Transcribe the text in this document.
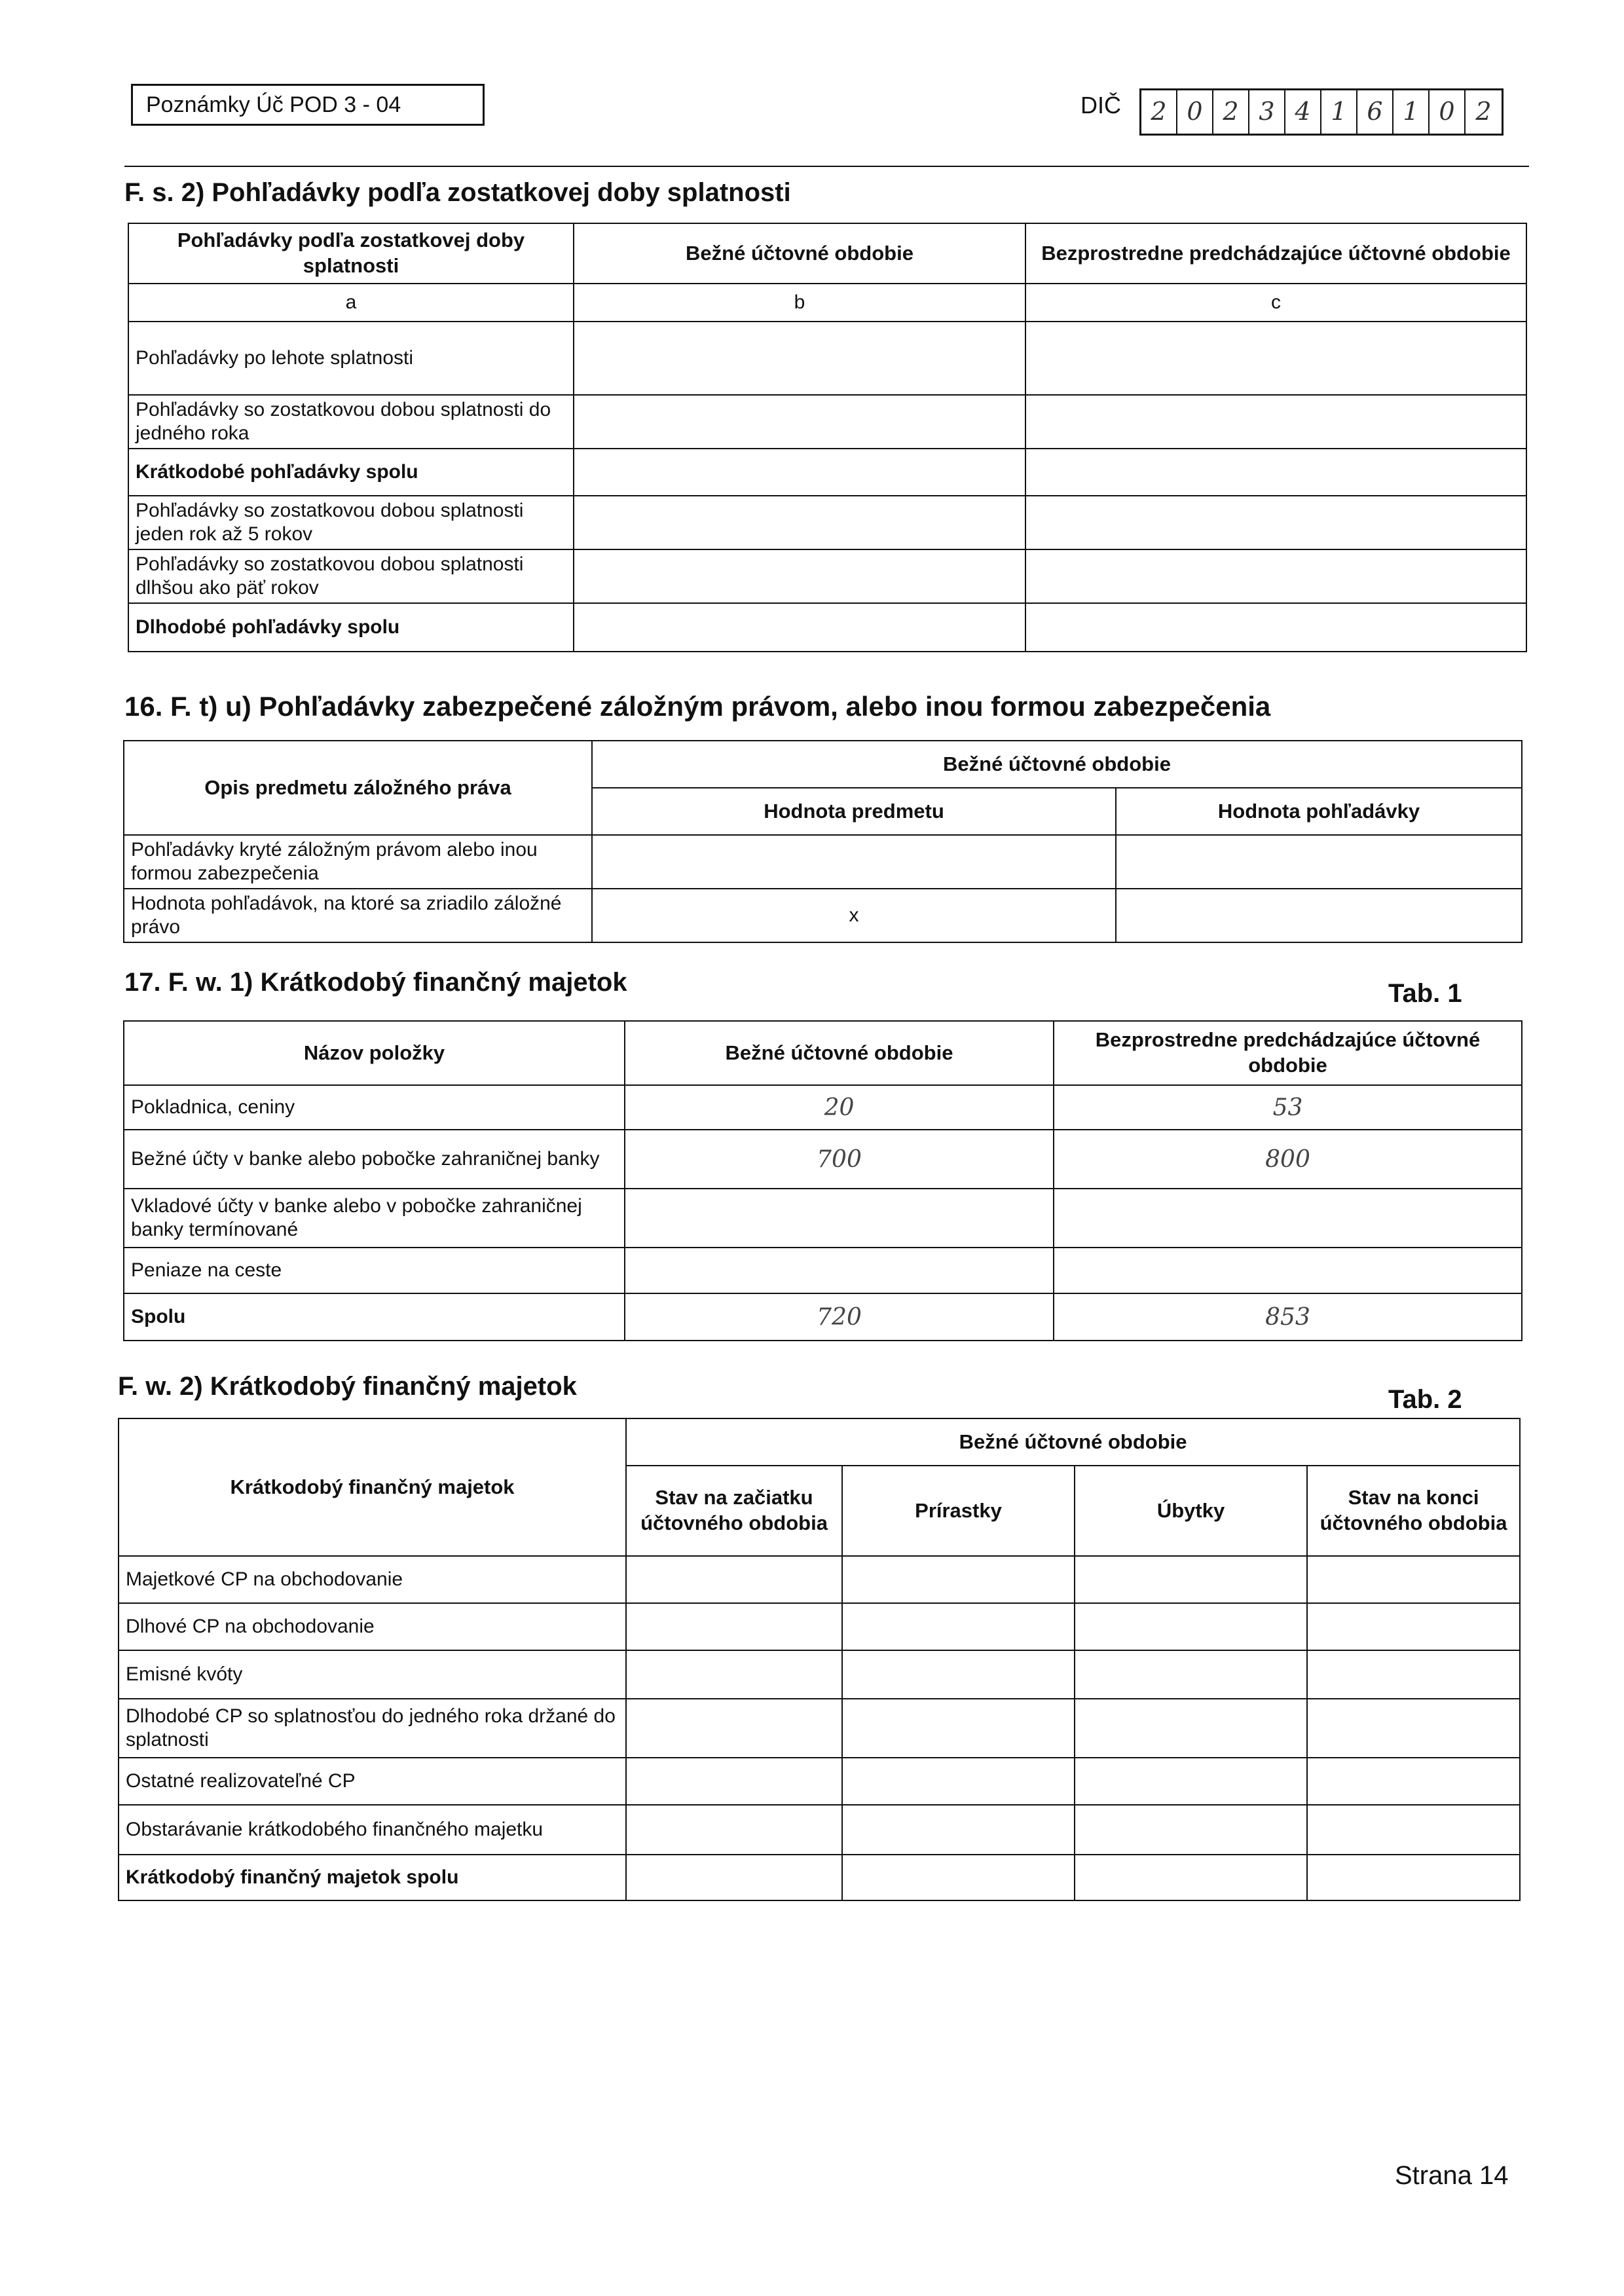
Poznámky Úč POD 3 - 04	DIČ	2 0 2 3 4 1 6 1 0 2
F. s. 2) Pohľadávky podľa zostatkovej doby splatnosti
Pohľadávky podľa zostatkovej doby splatnosti	Bežné účtovné obdobie	Bezprostredne predchádzajúce účtovné obdobie
a	b	c
Pohľadávky po lehote splatnosti		
Pohľadávky so zostatkovou dobou splatnosti do jedného roka		
Krátkodobé pohľadávky spolu		
Pohľadávky so zostatkovou dobou splatnosti jeden rok až 5 rokov		
Pohľadávky so zostatkovou dobou splatnosti dlhšou ako päť rokov		
Dlhodobé pohľadávky spolu		
16. F. t) u) Pohľadávky zabezpečené záložným právom, alebo inou formou zabezpečenia
Opis predmetu záložného práva	Bežné účtovné obdobie	
	Hodnota predmetu	Hodnota pohľadávky
Pohľadávky kryté záložným právom alebo inou formou zabezpečenia		
Hodnota pohľadávok, na ktoré sa zriadilo záložné právo	x	
17. F. w. 1) Krátkodobý finančný majetok	Tab. 1
Názov položky	Bežné účtovné obdobie	Bezprostredne predchádzajúce účtovné obdobie
Pokladnica, ceniny	20	53
Bežné účty v banke alebo pobočke zahraničnej banky	700	800
Vkladové účty v banke alebo v pobočke zahraničnej banky termínované		
Peniaze na ceste		
Spolu	720	853
F. w. 2) Krátkodobý finančný majetok	Tab. 2
Krátkodobý finančný majetok	Bežné účtovné obdobie			
	Stav na začiatku účtovného obdobia	Prírastky	Úbytky	Stav na konci účtovného obdobia
Majetkové CP na obchodovanie				
Dlhové CP na obchodovanie				
Emisné kvóty				
Dlhodobé CP so splatnosťou do jedného roka držané do splatnosti				
Ostatné realizovateľné CP				
Obstarávanie krátkodobého finančného majetku				
Krátkodobý finančný majetok spolu				
Strana 14
